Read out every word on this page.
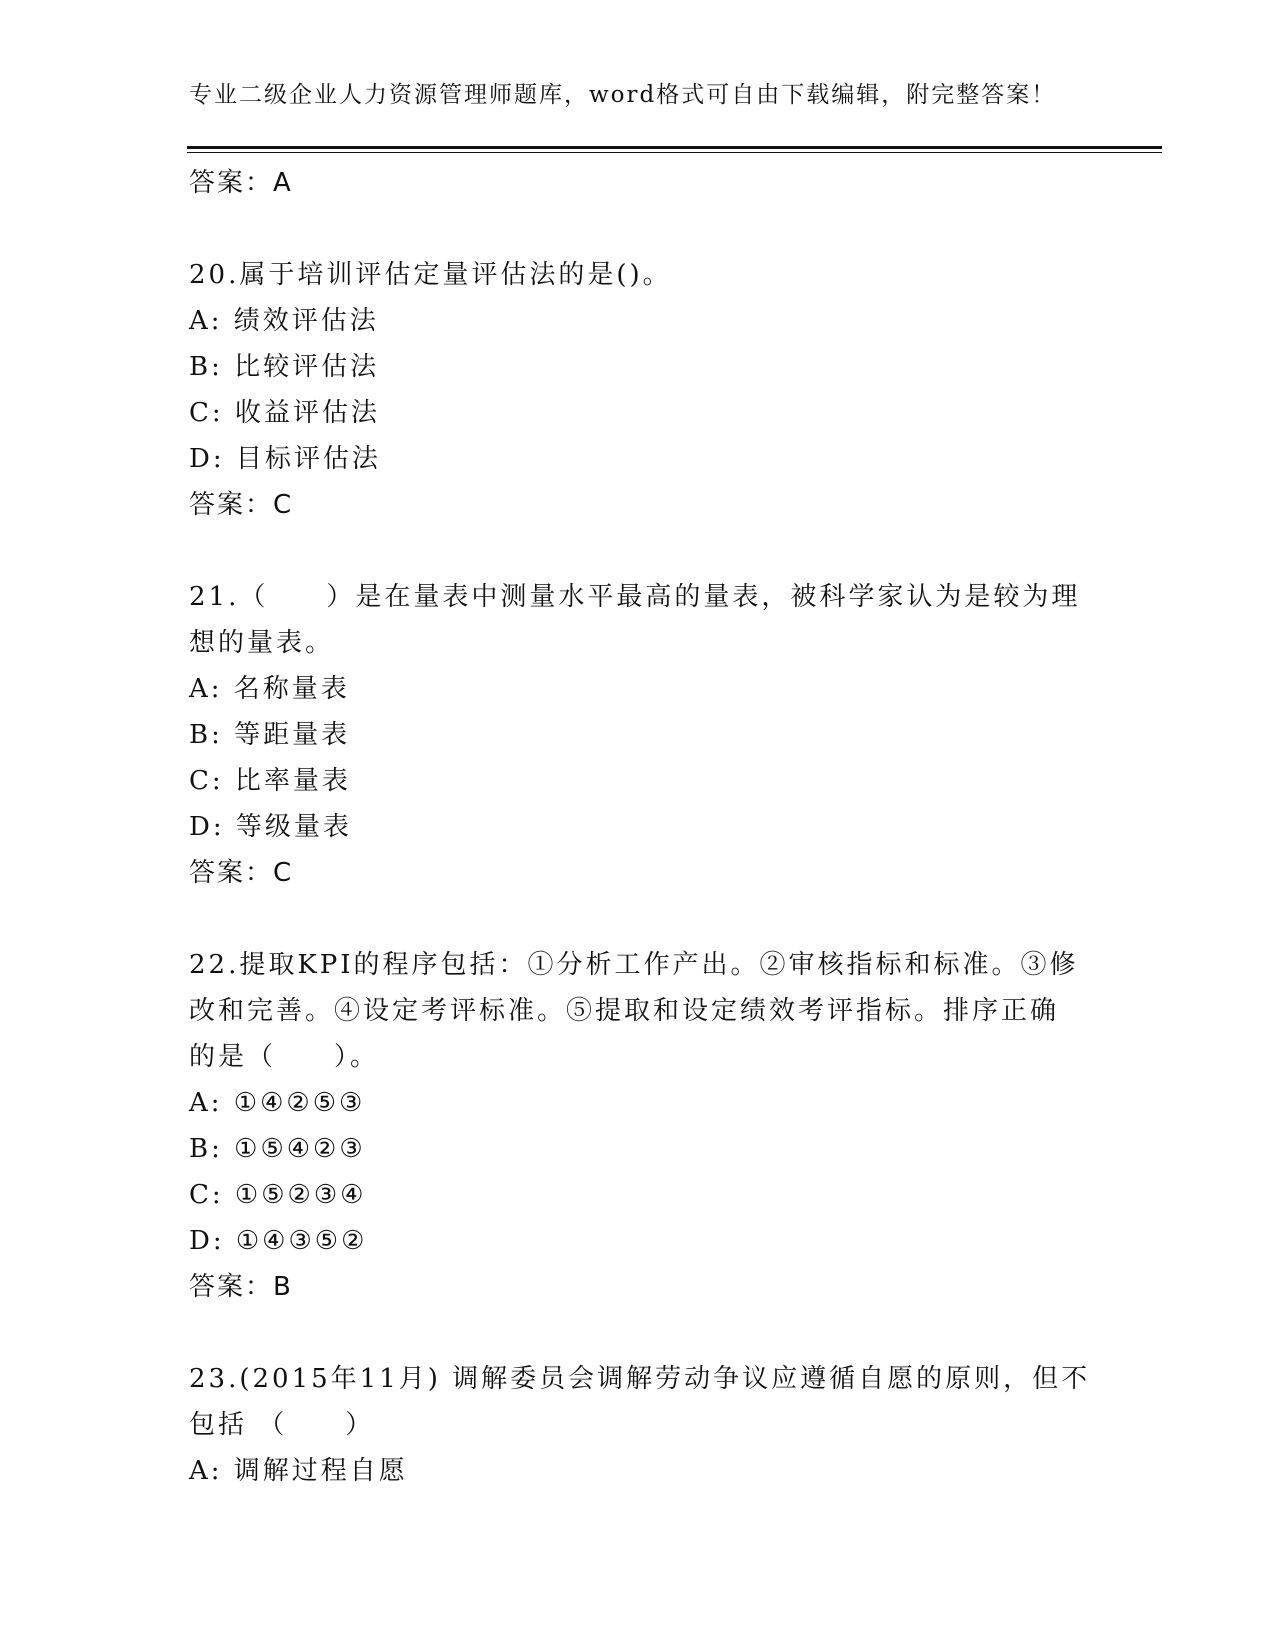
专业二级企业人力资源管理师题库，word格式可自由下载编辑，附完整答案！
答案：A
20.属于培训评估定量评估法的是()。
A: 绩效评估法
B: 比较评估法
C: 收益评估法
D: 目标评估法
答案：C
21.（　　）是在量表中测量水平最高的量表，被科学家认为是较为理
想的量表。
A: 名称量表
B: 等距量表
C: 比率量表
D: 等级量表
答案：C
22.提取KPI的程序包括：①分析工作产出。②审核指标和标准。③修
改和完善。④设定考评标准。⑤提取和设定绩效考评指标。排序正确
的是（　　）。
A: ①④②⑤③
B: ①⑤④②③
C: ①⑤②③④
D: ①④③⑤②
答案：B
23.(2015年11月) 调解委员会调解劳动争议应遵循自愿的原则，但不
包括 （　　）
A: 调解过程自愿
